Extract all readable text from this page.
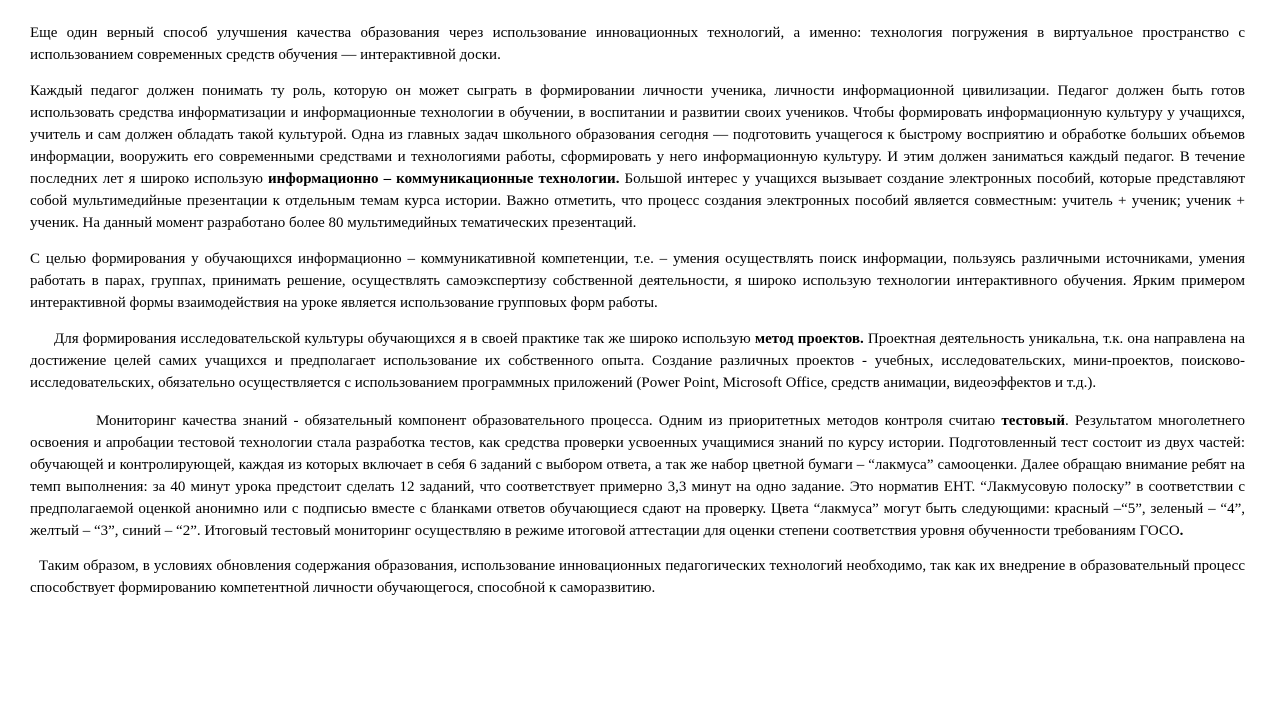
Еще один верный способ улучшения качества образования через использование инновационных технологий, а именно: технология погружения в виртуальное пространство с использованием современных средств обучения — интерактивной доски.

Каждый педагог должен понимать ту роль, которую он может сыграть в формировании личности ученика, личности информационной цивилизации. Педагог должен быть готов использовать средства информатизации и информационные технологии в обучении, в воспитании и развитии своих учеников. Чтобы формировать информационную культуру у учащихся, учитель и сам должен обладать такой культурой. Одна из главных задач школьного образования сегодня — подготовить учащегося к быстрому восприятию и обработке больших объемов информации, вооружить его современными средствами и технологиями работы, сформировать у него информационную культуру. И этим должен заниматься каждый педагог. В течение последних лет я широко использую информационно – коммуникационные технологии. Большой интерес у учащихся вызывает создание электронных пособий, которые представляют собой мультимедийные презентации к отдельным темам курса истории. Важно отметить, что процесс создания электронных пособий является совместным: учитель + ученик; ученик + ученик. На данный момент разработано более 80 мультимедийных тематических презентаций.

С целью формирования у обучающихся информационно – коммуникативной компетенции, т.е. – умения осуществлять поиск информации, пользуясь различными источниками, умения работать в парах, группах, принимать решение, осуществлять самоэкспертизу собственной деятельности, я широко использую технологии интерактивного обучения. Ярким примером интерактивной формы взаимодействия на уроке является использование групповых форм работы.

Для формирования исследовательской культуры обучающихся я в своей практике так же широко использую метод проектов. Проектная деятельность уникальна, т.к. она направлена на достижение целей самих учащихся и предполагает использование их собственного опыта. Создание различных проектов - учебных, исследовательских, мини-проектов, поисково-исследовательских, обязательно осуществляется с использованием программных приложений (Power Point, Microsoft Office, средств анимации, видеоэффектов и т.д.).

Мониторинг качества знаний - обязательный компонент образовательного процесса. Одним из приоритетных методов контроля считаю тестовый. Результатом многолетнего освоения и апробации тестовой технологии стала разработка тестов, как средства проверки усвоенных учащимися знаний по курсу истории. Подготовленный тест состоит из двух частей: обучающей и контролирующей, каждая из которых включает в себя 6 заданий с выбором ответа, а так же набор цветной бумаги – “лакмуса” самооценки. Далее обращаю внимание ребят на темп выполнения: за 40 минут урока предстоит сделать 12 заданий, что соответствует примерно 3,3 минут на одно задание. Это норматив ЕНТ. “Лакмусовую полоску” в соответствии с предполагаемой оценкой анонимно или с подписью вместе с бланками ответов обучающиеся сдают на проверку. Цвета “лакмуса” могут быть следующими: красный –“5”, зеленый – “4”, желтый – “3”, синий – “2”. Итоговый тестовый мониторинг осуществляю в режиме итоговой аттестации для оценки степени соответствия уровня обученности требованиям ГОСО.

Таким образом, в условиях обновления содержания образования, использование инновационных педагогических технологий необходимо, так как их внедрение в образовательный процесс способствует формированию компетентной личности обучающегося, способной к саморазвитию.
